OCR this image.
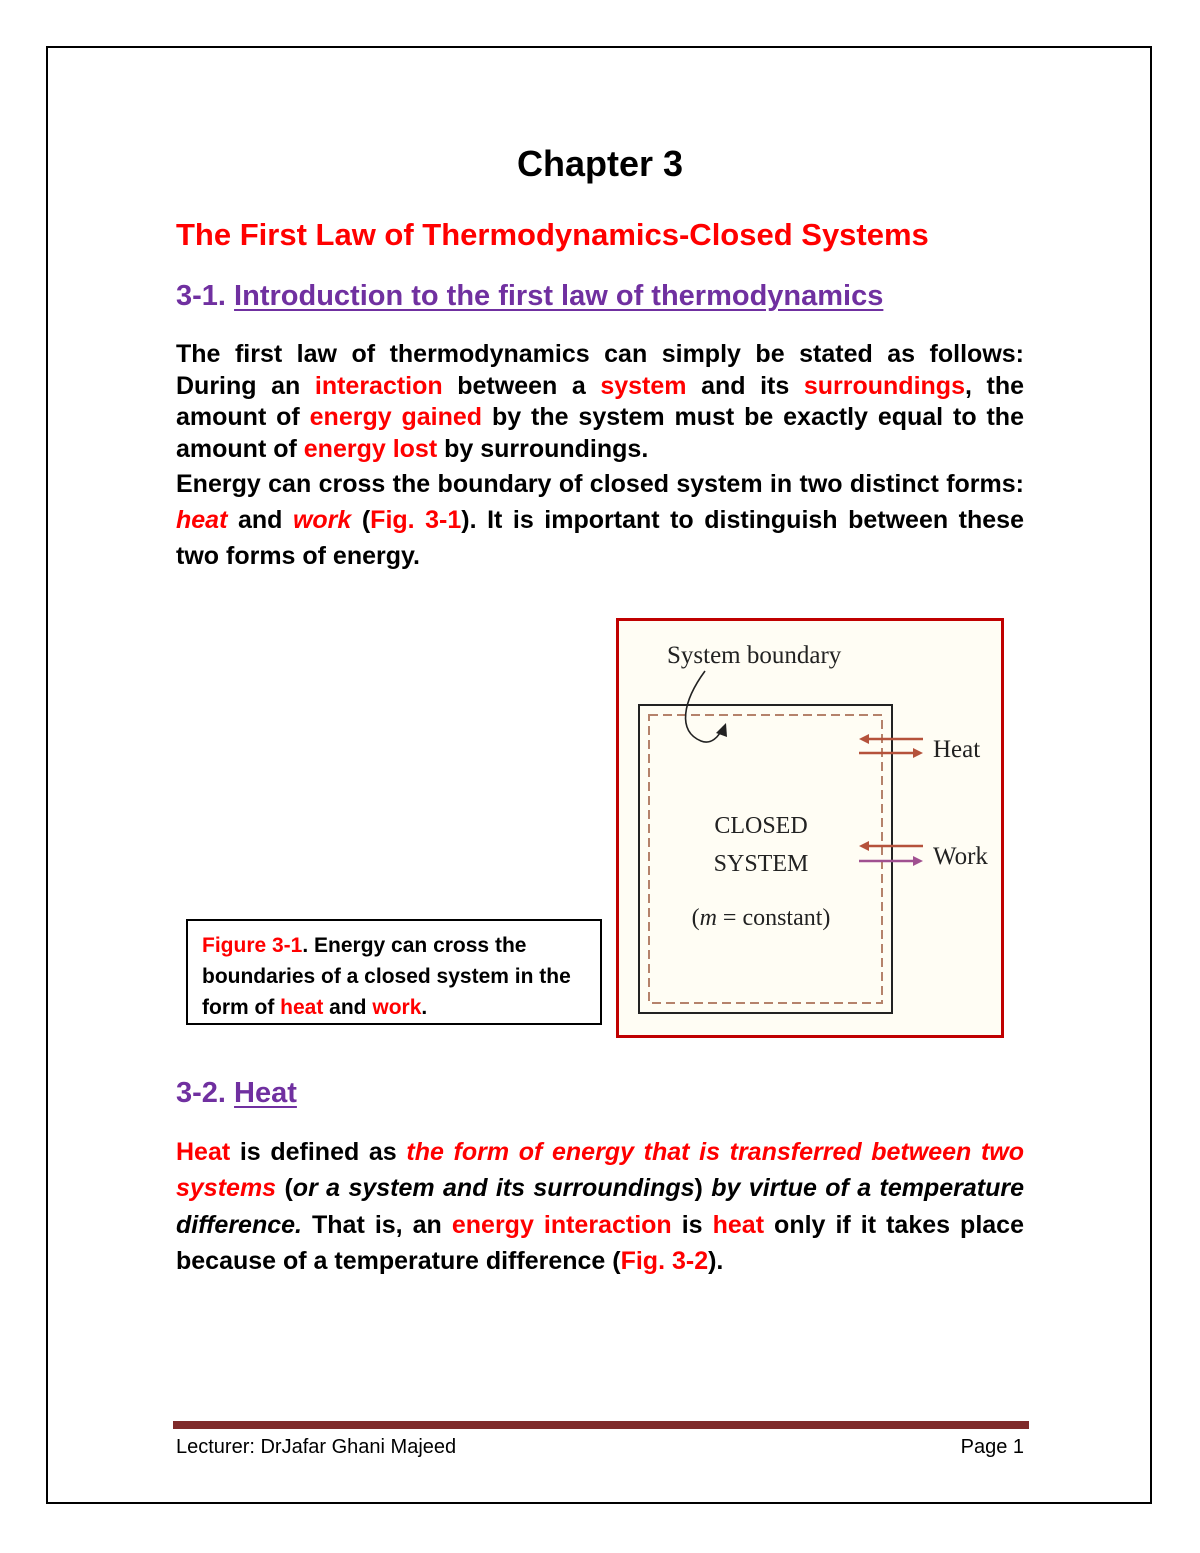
Chapter 3
The First Law of Thermodynamics-Closed Systems
3-1. Introduction to the first law of thermodynamics

The first law of thermodynamics can simply be stated as follows: During an interaction between a system and its surroundings, the amount of energy gained by the system must be exactly equal to the amount of energy lost by surroundings.

Energy can cross the boundary of closed system in two distinct forms: heat and work (Fig. 3-1). It is important to distinguish between these two forms of energy.

System boundary
Heat
Work
CLOSED
SYSTEM
(m = constant)
Figure 3-1. Energy can cross the boundaries of a closed system in the form of heat and work.
3-2. Heat

Heat is defined as the form of energy that is transferred between two systems (or a system and its surroundings) by virtue of a temperature difference. That is, an energy interaction is heat only if it takes place because of a temperature difference (Fig. 3-2).

Lecturer: DrJafar Ghani Majeed	Page 1
